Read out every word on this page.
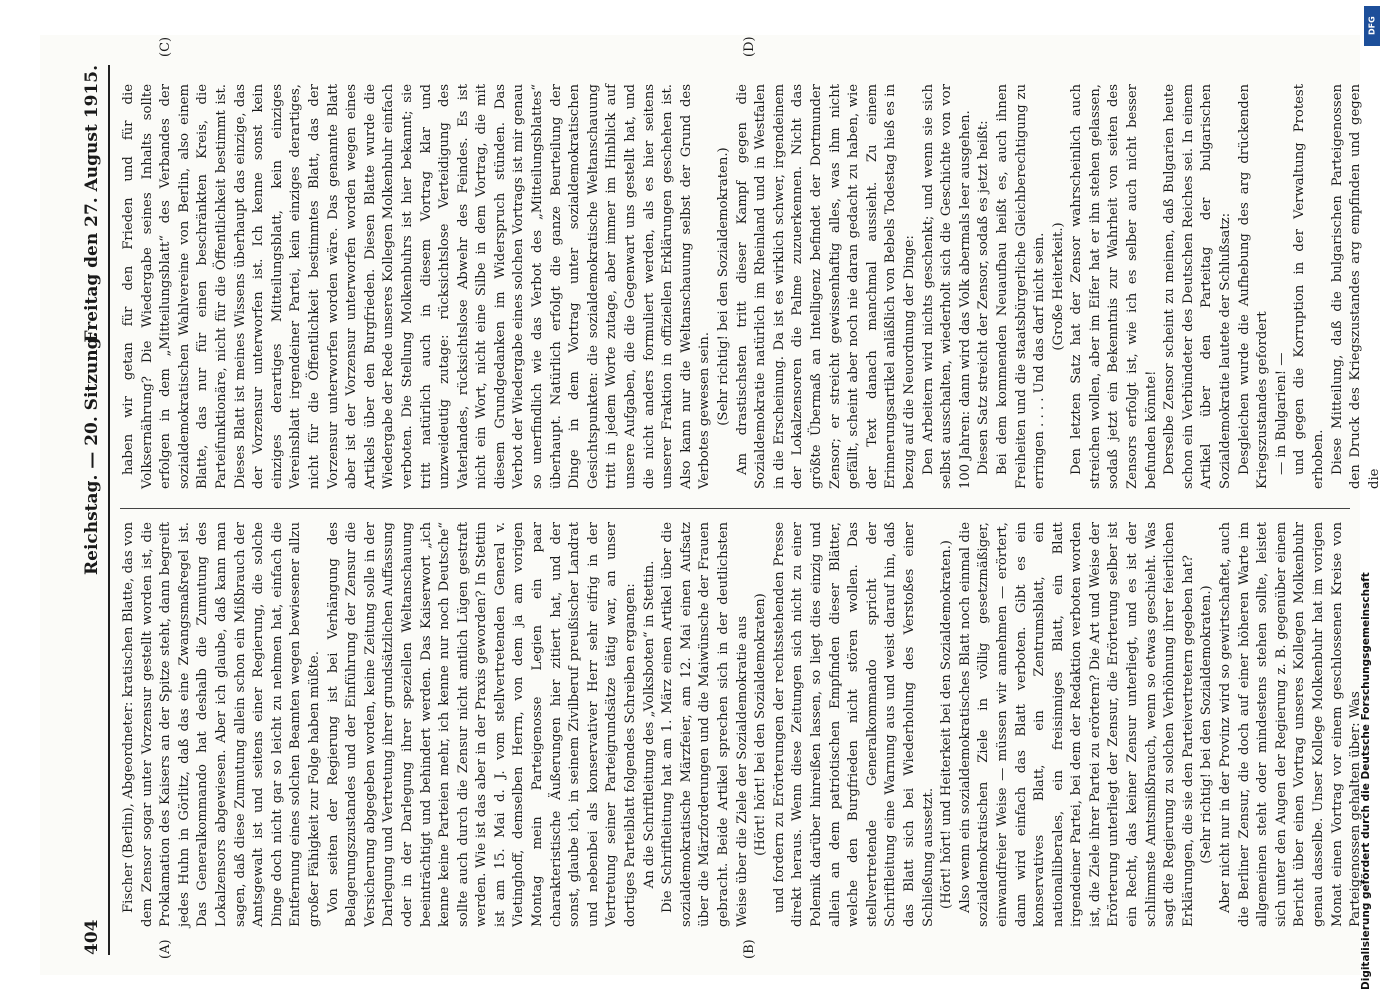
404
Reichstag. — 20. Sitzung.
Freitag den 27. August 1915.
(A)	(B)
(C)	(D)

Fischer (Berlin), Abgeordneter: kratischen Blatte, das von dem Zensor sogar unter Vorzensur gestellt worden ist, die Proklamation des Kaisers an der Spitze steht, dann begreift jedes Huhn in Görlitz, daß das eine Zwangsmaßregel ist. Das Generalkommando hat deshalb die Zumutung des Lokalzensors abgewiesen. Aber ich glaube, daß kann man sagen, daß diese Zumutung allein schon ein Mißbrauch der Amtsgewalt ist und seitens einer Regierung, die solche Dinge doch nicht gar so leicht zu nehmen hat, einfach die Entfernung eines solchen Beamten wegen bewiesener allzu großer Fähigkeit zur Folge haben müßte. Von seiten der Regierung ist bei Verhängung des Belagerungszustandes und der Einführung der Zensur die Versicherung abgegeben worden, keine Zeitung solle in der Darlegung und Vertretung ihrer grundsätzlichen Auffassung oder in der Darlegung ihrer speziellen Weltanschauung beeinträchtigt und behindert werden. Das Kaiserwort „ich kenne keine Parteien mehr, ich kenne nur noch Deutsche“ sollte auch durch die Zensur nicht amtlich Lügen gestraft werden. Wie ist das aber in der Praxis geworden? In Stettin ist am 15. Mai d. J. vom stellvertretenden General v. Vietinghoff, demselben Herrn, von dem ja am vorigen Montag mein Parteigenosse Legien ein paar charakteristische Äußerungen hier zitiert hat, und der sonst, glaube ich, in seinem Zivilberuf preußischer Landrat und nebenbei als konservativer Herr sehr eifrig in der Vertretung seiner Parteigrundsätze tätig war, an unser dortiges Parteiblatt folgendes Schreiben ergangen: An die Schriftleitung des „Volksboten“ in Stettin. Die Schriftleitung hat am 1. März einen Artikel über die sozialdemokratische Märzfeier, am 12. Mai einen Aufsatz über die Märzforderungen und die Maiwünsche der Frauen gebracht. Beide Artikel sprechen sich in der deutlichsten Weise über die Ziele der Sozialdemokratie aus (Hört! hört! bei den Sozialdemokraten) und fordern zu Erörterungen der rechtsstehenden Presse direkt heraus. Wenn diese Zeitungen sich nicht zu einer Polemik darüber hinreißen lassen, so liegt dies einzig und allein an dem patriotischen Empfinden dieser Blätter, welche den Burgfrieden nicht stören wollen. Das stellvertretende Generalkommando spricht der Schriftleitung eine Warnung aus und weist darauf hin, daß das Blatt sich bei Wiederholung des Verstoßes einer Schließung aussetzt. (Hört! hört! und Heiterkeit bei den Sozialdemokraten.) Also wenn ein sozialdemokratisches Blatt noch einmal die sozialdemokratischen Ziele in völlig gesetzmäßiger, einwandfreier Weise — müssen wir annehmen — erörtert, dann wird einfach das Blatt verboten. Gibt es ein konservatives Blatt, ein Zentrumsblatt, ein nationalliberales, ein freisinniges Blatt, ein Blatt irgendeiner Partei, bei dem der Redaktion verboten worden ist, die Ziele ihrer Partei zu erörtern? Die Art und Weise der Erörterung unterliegt der Zensur, die Erörterung selber ist ein Recht, das keiner Zensur unterliegt, und es ist der schlimmste Amtsmißbrauch, wenn so etwas geschieht. Was sagt die Regierung zu solchen Verhöhnung ihrer feierlichen Erklärungen, die sie den Parteivertretern gegeben hat? (Sehr richtig! bei den Sozialdemokraten.) Aber nicht nur in der Provinz wird so gewirtschaftet, auch die Berliner Zensur, die doch auf einer höheren Warte im allgemeinen steht oder mindestens stehen sollte, leistet sich unter den Augen der Regierung z. B. gegenüber einem Bericht über einen Vortrag unseres Kollegen Molkenbuhr genau dasselbe. Unser Kollege Molkenbuhr hat im vorigen Monat einen Vortrag vor einem geschlossenen Kreise von Parteigenossen gehalten über: Was

haben wir getan für den Frieden und für die Volksernährung? Die Wiedergabe seines Inhalts sollte erfolgen in dem „Mitteilungsblatt“ des Verbandes der sozialdemokratischen Wahlvereine von Berlin, also einem Blatte, das nur für einen beschränkten Kreis, die Parteifunktionäre, nicht für die Öffentlichkeit bestimmt ist. Dieses Blatt ist meines Wissens überhaupt das einzige, das der Vorzensur unterworfen ist. Ich kenne sonst kein einziges derartiges Mitteilungsblatt, kein einziges Vereinsblatt irgendeiner Partei, kein einziges derartiges, nicht für die Öffentlichkeit bestimmtes Blatt, das der Vorzensur unterworfen worden wäre. Das genannte Blatt aber ist der Vorzensur unterworfen worden wegen eines Artikels über den Burgfrieden. Diesen Blatte wurde die Wiedergabe der Rede unseres Kollegen Molkenbuhr einfach verboten. Die Stellung Molkenbuhrs ist hier bekannt; sie tritt natürlich auch in diesem Vortrag klar und unzweideutig zutage: rücksichtslose Verteidigung des Vaterlandes, rücksichtslose Abwehr des Feindes. Es ist nicht ein Wort, nicht eine Silbe in dem Vortrag, die mit diesem Grundgedanken im Widerspruch stünden. Das Verbot der Wiedergabe eines solchen Vortrags ist mir genau so unerfindlich wie das Verbot des „Mitteilungsblattes“ überhaupt. Natürlich erfolgt die ganze Beurteilung der Dinge in dem Vortrag unter sozialdemokratischen Gesichtspunkten: die sozialdemokratische Weltanschauung tritt in jedem Worte zutage, aber immer im Hinblick auf unsere Aufgaben, die die Gegenwart uns gestellt hat, und die nicht anders formuliert werden, als es hier seitens unserer Fraktion in offiziellen Erklärungen geschehen ist. Also kann nur die Weltanschauung selbst der Grund des Verbotes gewesen sein. (Sehr richtig! bei den Sozialdemokraten.) Am drastischsten tritt dieser Kampf gegen die Sozialdemokratie natürlich im Rheinland und in Westfalen in die Erscheinung. Da ist es wirklich schwer, irgendeinem der Lokalzensoren die Palme zuzuerkennen. Nicht das größte Übermaß an Intelligenz befindet der Dortmunder Zensor; er streicht gewissenhaftig alles, was ihm nicht gefällt, scheint aber noch nie daran gedacht zu haben, wie der Text danach manchmal aussieht. Zu einem Erinnerungsartikel anläßlich von Bebels Todestag hieß es in bezug auf die Neuordnung der Dinge: Den Arbeitern wird nichts geschenkt; und wenn sie sich selbst ausschalten, wiederholt sich die Geschichte von vor 100 Jahren: dann wird das Volk abermals leer ausgehen. Diesen Satz streicht der Zensor, sodaß es jetzt heißt: Bei dem kommenden Neuaufbau heißt es, auch ihnen Freiheiten und die staatsbürgerliche Gleichberechtigung zu erringen . . . . Und das darf nicht sein. (Große Heiterkeit.) Den letzten Satz hat der Zensor wahrscheinlich auch streichen wollen, aber im Eifer hat er ihn stehen gelassen, sodaß jetzt ein Bekenntnis zur Wahrheit von seiten des Zensors erfolgt ist, wie ich es selber auch nicht besser befunden könnte! Derselbe Zensor scheint zu meinen, daß Bulgarien heute schon ein Verbündeter des Deutschen Reiches sei. In einem Artikel über den Parteitag der bulgarischen Sozialdemokratie lautete der Schlußsatz: Desgleichen wurde die Aufhebung des arg drückenden Kriegszustandes gefordert — in Bulgarien! — und gegen die Korruption in der Verwaltung Protest erhoben. Diese Mitteilung, daß die bulgarischen Parteigenossen den Druck des Kriegszustandes arg empfinden und gegen die

DFG
Digitalisierung gefördert durch die Deutsche Forschungsgemeinschaft
